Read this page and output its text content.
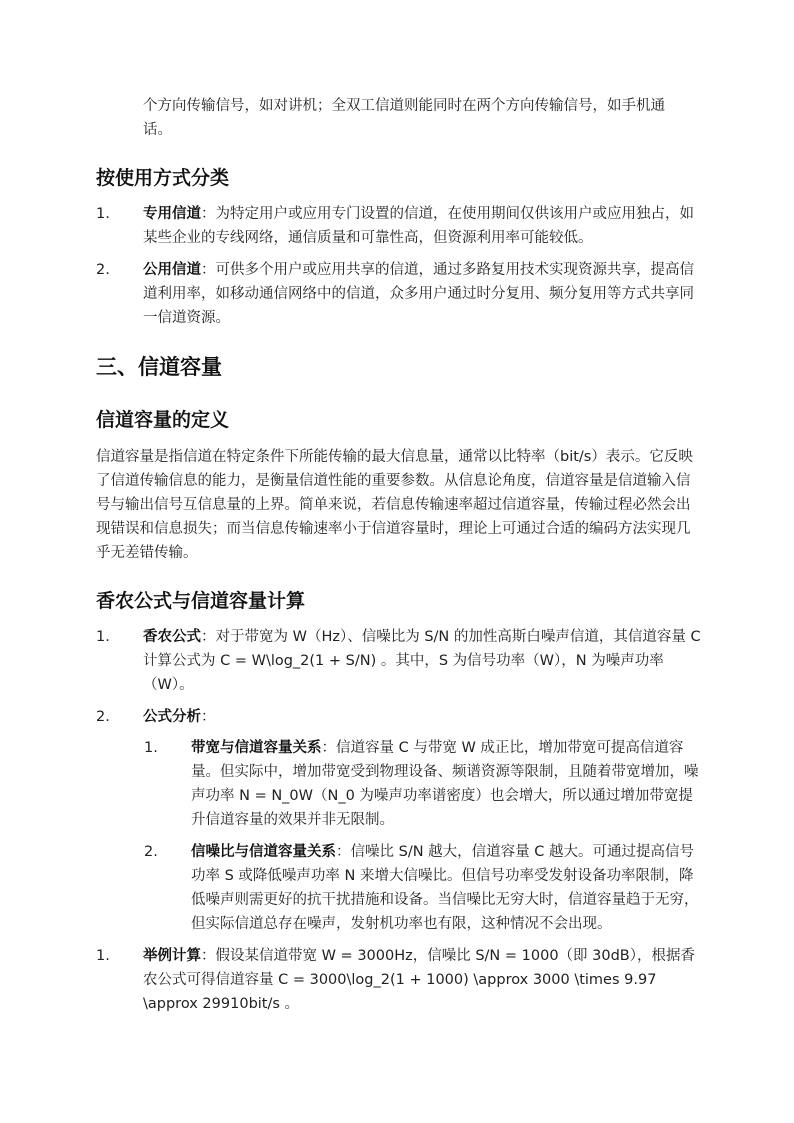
个方向传输信号，如对讲机；全双工信道则能同时在两个方向传输信号，如手机通话。
按使用方式分类
1. 专用信道：为特定用户或应用专门设置的信道，在使用期间仅供该用户或应用独占，如某些企业的专线网络，通信质量和可靠性高，但资源利用率可能较低。
2. 公用信道：可供多个用户或应用共享的信道，通过多路复用技术实现资源共享，提高信道利用率，如移动通信网络中的信道，众多用户通过时分复用、频分复用等方式共享同一信道资源。
三、信道容量
信道容量的定义
信道容量是指信道在特定条件下所能传输的最大信息量，通常以比特率（bit/s）表示。它反映了信道传输信息的能力，是衡量信道性能的重要参数。从信息论角度，信道容量是信道输入信号与输出信号互信息量的上界。简单来说，若信息传输速率超过信道容量，传输过程必然会出现错误和信息损失；而当信息传输速率小于信道容量时，理论上可通过合适的编码方法实现几乎无差错传输。
香农公式与信道容量计算
1. 香农公式：对于带宽为 W（Hz）、信噪比为 S/N 的加性高斯白噪声信道，其信道容量 C 计算公式为 C = W\log_2(1 + S/N) 。其中，S 为信号功率（W），N 为噪声功率（W）。
2. 公式分析：
1. 带宽与信道容量关系：信道容量 C 与带宽 W 成正比，增加带宽可提高信道容量。但实际中，增加带宽受到物理设备、频谱资源等限制，且随着带宽增加，噪声功率 N = N_0W（N_0 为噪声功率谱密度）也会增大，所以通过增加带宽提升信道容量的效果并非无限制。
2. 信噪比与信道容量关系：信噪比 S/N 越大，信道容量 C 越大。可通过提高信号功率 S 或降低噪声功率 N 来增大信噪比。但信号功率受发射设备功率限制，降低噪声则需更好的抗干扰措施和设备。当信噪比无穷大时，信道容量趋于无穷，但实际信道总存在噪声，发射机功率也有限，这种情况不会出现。
1. 举例计算：假设某信道带宽 W = 3000Hz，信噪比 S/N = 1000（即 30dB），根据香农公式可得信道容量 C = 3000\log_2(1 + 1000) \approx 3000 \times 9.97 \approx 29910bit/s 。
